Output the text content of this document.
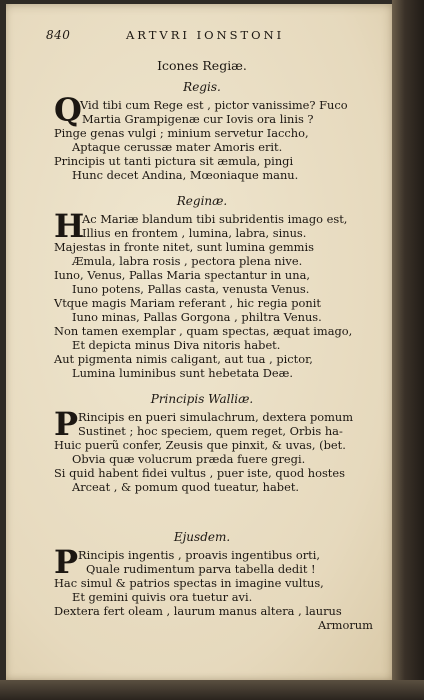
840	ARTVRI IONSTONI
Icones Regiæ.
Regis.
Q
Vid tibi cum Rege est , pictor vanissime? Fuco
Martia Grampigenæ cur Iovis ora linis ?
Pinge genas vulgi ; minium servetur Iaccho,
Aptaque cerussæ mater Amoris erit.
Principis ut tanti pictura sit æmula, pingi
Hunc decet Andina, Mœoniaque manu.
Reginæ.
H
Ac Mariæ blandum tibi subridentis imago est,
Illius en frontem , lumina, labra, sinus.
Majestas in fronte nitet, sunt lumina gemmis
Æmula, labra rosis , pectora plena nive.
Iuno, Venus, Pallas Maria spectantur in una,
Iuno potens, Pallas casta, venusta Venus.
Vtque magis Mariam referant , hic regia ponit
Iuno minas, Pallas Gorgona , philtra Venus.
Non tamen exemplar , quam spectas, æquat imago,
Et depicta minus Diva nitoris habet.
Aut pigmenta nimis caligant, aut tua , pictor,
Lumina luminibus sunt hebetata Deæ.
Principis Walliæ.
P Rincipis en pueri simulachrum, dextera pomum
Sustinet ; hoc speciem, quem reget, Orbis ha-
Huic puerũ confer, Zeusis que pinxit, & uvas, (bet.
Obvia quæ volucrum præda fuere gregi.
Si quid habent fidei vultus , puer iste, quod hostes
Arceat , & pomum quod tueatur, habet.
Ejusdem.
P Rincipis ingentis , proavis ingentibus orti,
Quale rudimentum parva tabella dedit !
Hac simul & patrios spectas in imagine vultus,
Et gemini quivis ora tuetur avi.
Dextera fert oleam , laurum manus altera , laurus
Armorum
